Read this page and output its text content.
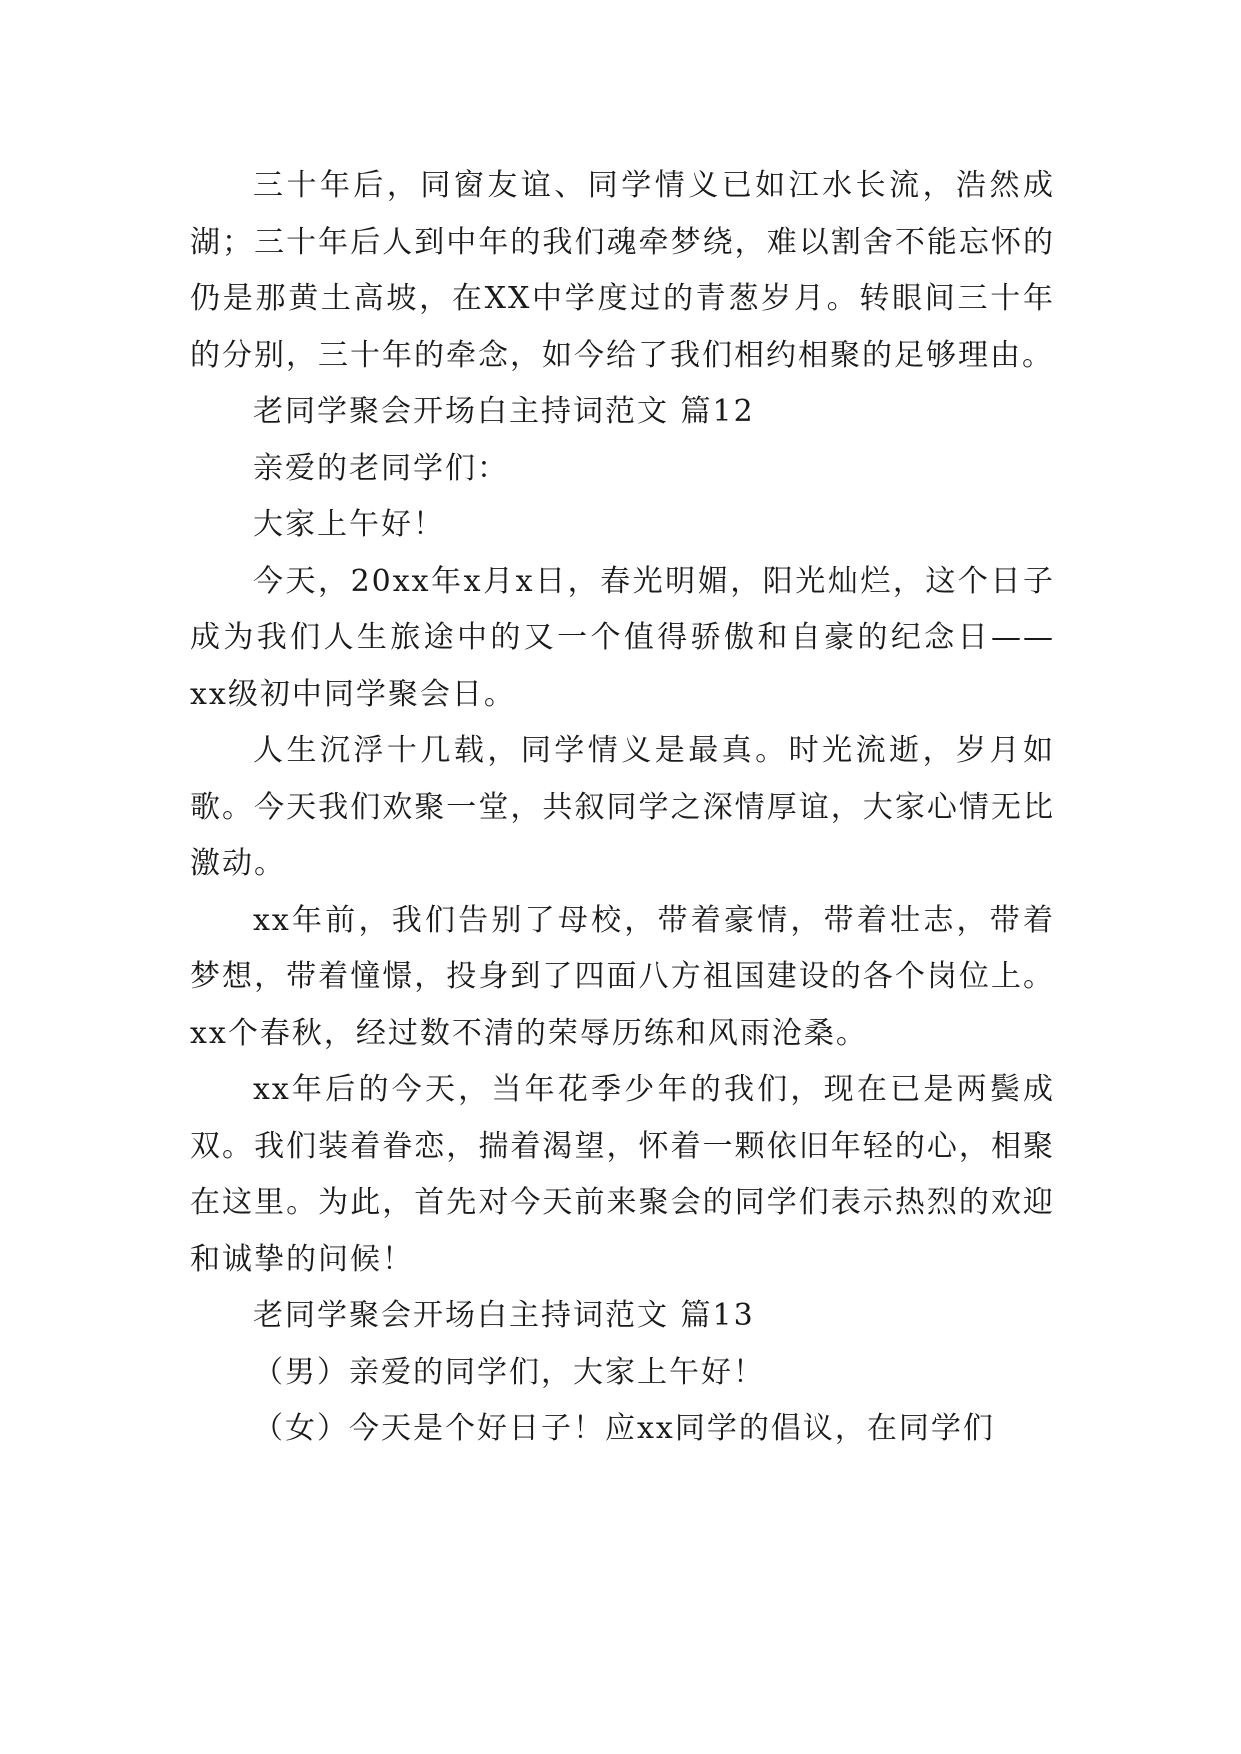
三十年后，同窗友谊、同学情义已如江水长流，浩然成湖；三十年后人到中年的我们魂牵梦绕，难以割舍不能忘怀的仍是那黄土高坡，在XX中学度过的青葱岁月。转眼间三十年的分别，三十年的牵念，如今给了我们相约相聚的足够理由。

老同学聚会开场白主持词范文 篇12

亲爱的老同学们：

大家上午好！

今天，20xx年x月x日，春光明媚，阳光灿烂，这个日子成为我们人生旅途中的又一个值得骄傲和自豪的纪念日——xx级初中同学聚会日。

人生沉浮十几载，同学情义是最真。时光流逝，岁月如歌。今天我们欢聚一堂，共叙同学之深情厚谊，大家心情无比激动。

xx年前，我们告别了母校，带着豪情，带着壮志，带着梦想，带着憧憬，投身到了四面八方祖国建设的各个岗位上。xx个春秋，经过数不清的荣辱历练和风雨沧桑。

xx年后的今天，当年花季少年的我们，现在已是两鬓成双。我们装着眷恋，揣着渴望，怀着一颗依旧年轻的心，相聚在这里。为此，首先对今天前来聚会的同学们表示热烈的欢迎和诚挚的问候！

老同学聚会开场白主持词范文 篇13

（男）亲爱的同学们，大家上午好！

（女）今天是个好日子！应xx同学的倡议，在同学们
